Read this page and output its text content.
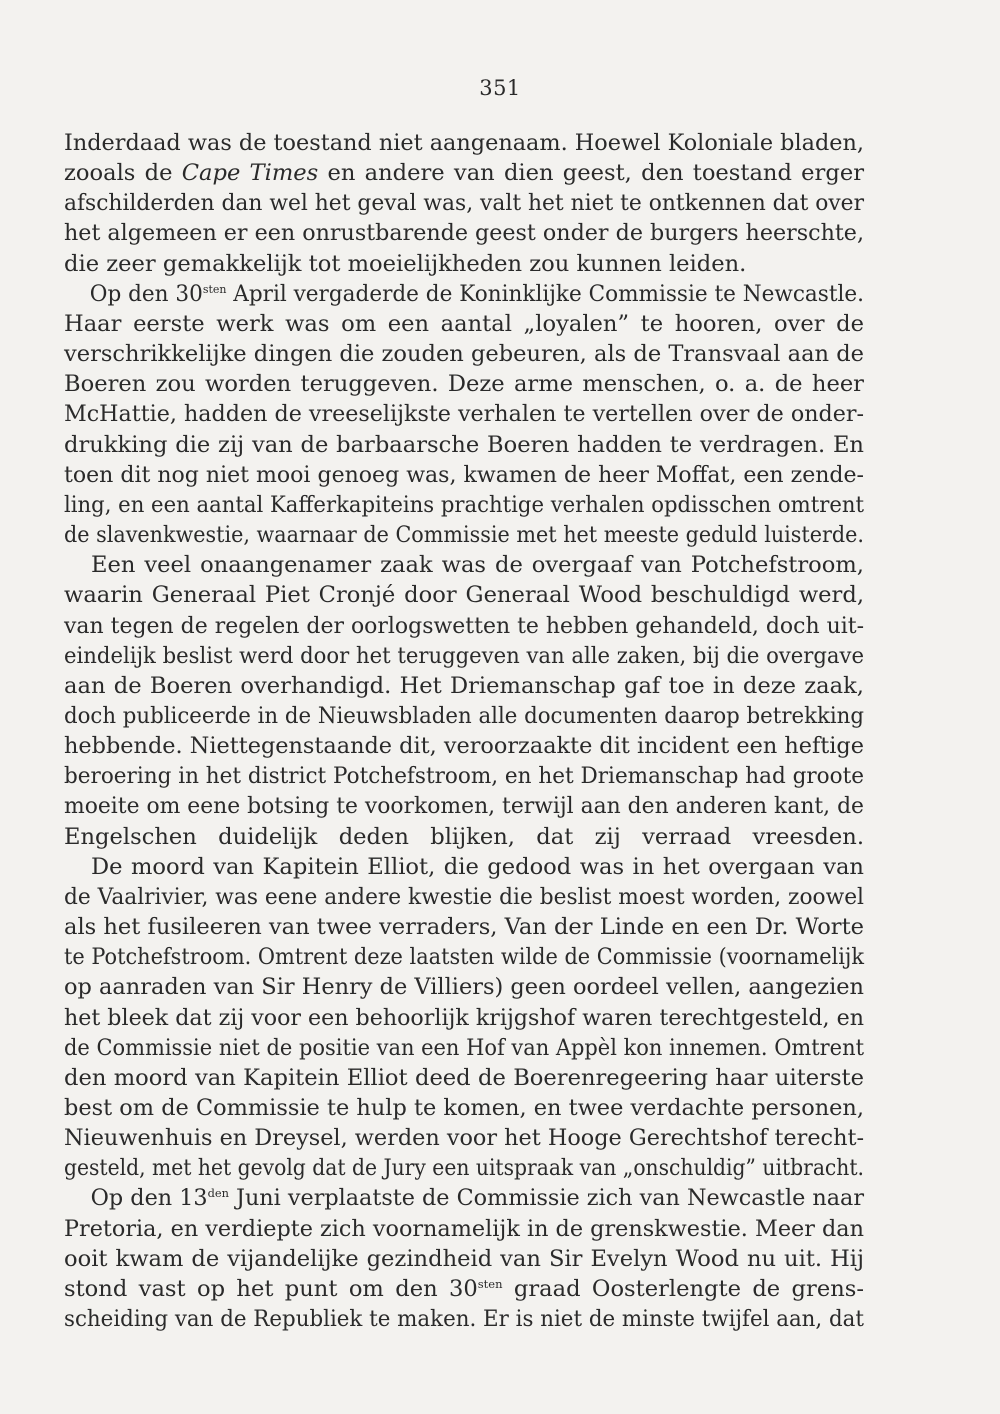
351
Inderdaad was de toestand niet aangenaam. Hoewel Koloniale bladen,
zooals de Cape Times en andere van dien geest, den toestand erger
afschilderden dan wel het geval was, valt het niet te ontkennen dat over
het algemeen er een onrustbarende geest onder de burgers heerschte,
die zeer gemakkelijk tot moeielijkheden zou kunnen leiden.
Op den $30^{sten}$ April vergaderde de Koninklijke Commissie te Newcastle.
Haar eerste werk was om een aantal „loyalen” te hooren, over de
verschrikkelijke dingen die zouden gebeuren, als de Transvaal aan de
Boeren zou worden teruggeven. Deze arme menschen, o. a. de heer
McHattie, hadden de vreeselijkste verhalen te vertellen over de onder-
drukking die zij van de barbaarsche Boeren hadden te verdragen. En
toen dit nog niet mooi genoeg was, kwamen de heer Moffat, een zende-
ling, en een aantal Kafferkapiteins prachtige verhalen opdisschen omtrent
de slavenkwestie, waarnaar de Commissie met het meeste geduld luisterde.
Een veel onaangenamer zaak was de overgaaf van Potchefstroom,
waarin Generaal Piet Cronjé door Generaal Wood beschuldigd werd,
van tegen de regelen der oorlogswetten te hebben gehandeld, doch uit-
eindelijk beslist werd door het teruggeven van alle zaken, bij die overgave
aan de Boeren overhandigd. Het Driemanschap gaf toe in deze zaak,
doch publiceerde in de Nieuwsbladen alle documenten daarop betrekking
hebbende. Niettegenstaande dit, veroorzaakte dit incident een heftige
beroering in het district Potchefstroom, en het Driemanschap had groote
moeite om eene botsing te voorkomen, terwijl aan den anderen kant, de
Engelschen duidelijk deden blijken, dat zij verraad vreesden.
De moord van Kapitein Elliot, die gedood was in het overgaan van
de Vaalrivier, was eene andere kwestie die beslist moest worden, zoowel
als het fusileeren van twee verraders, Van der Linde en een Dr. Worte
te Potchefstroom. Omtrent deze laatsten wilde de Commissie (voornamelijk
op aanraden van Sir Henry de Villiers) geen oordeel vellen, aangezien
het bleek dat zij voor een behoorlijk krijgshof waren terechtgesteld, en
de Commissie niet de positie van een Hof van Appèl kon innemen. Omtrent
den moord van Kapitein Elliot deed de Boerenregeering haar uiterste
best om de Commissie te hulp te komen, en twee verdachte personen,
Nieuwenhuis en Dreysel, werden voor het Hooge Gerechtshof terecht-
gesteld, met het gevolg dat de Jury een uitspraak van „onschuldig” uitbracht.
Op den $13^{den}$ Juni verplaatste de Commissie zich van Newcastle naar
Pretoria, en verdiepte zich voornamelijk in de grenskwestie. Meer dan
ooit kwam de vijandelijke gezindheid van Sir Evelyn Wood nu uit. Hij
stond vast op het punt om den $30^{sten}$ graad Oosterlengte de grens-
scheiding van de Republiek te maken. Er is niet de minste twijfel aan, dat
